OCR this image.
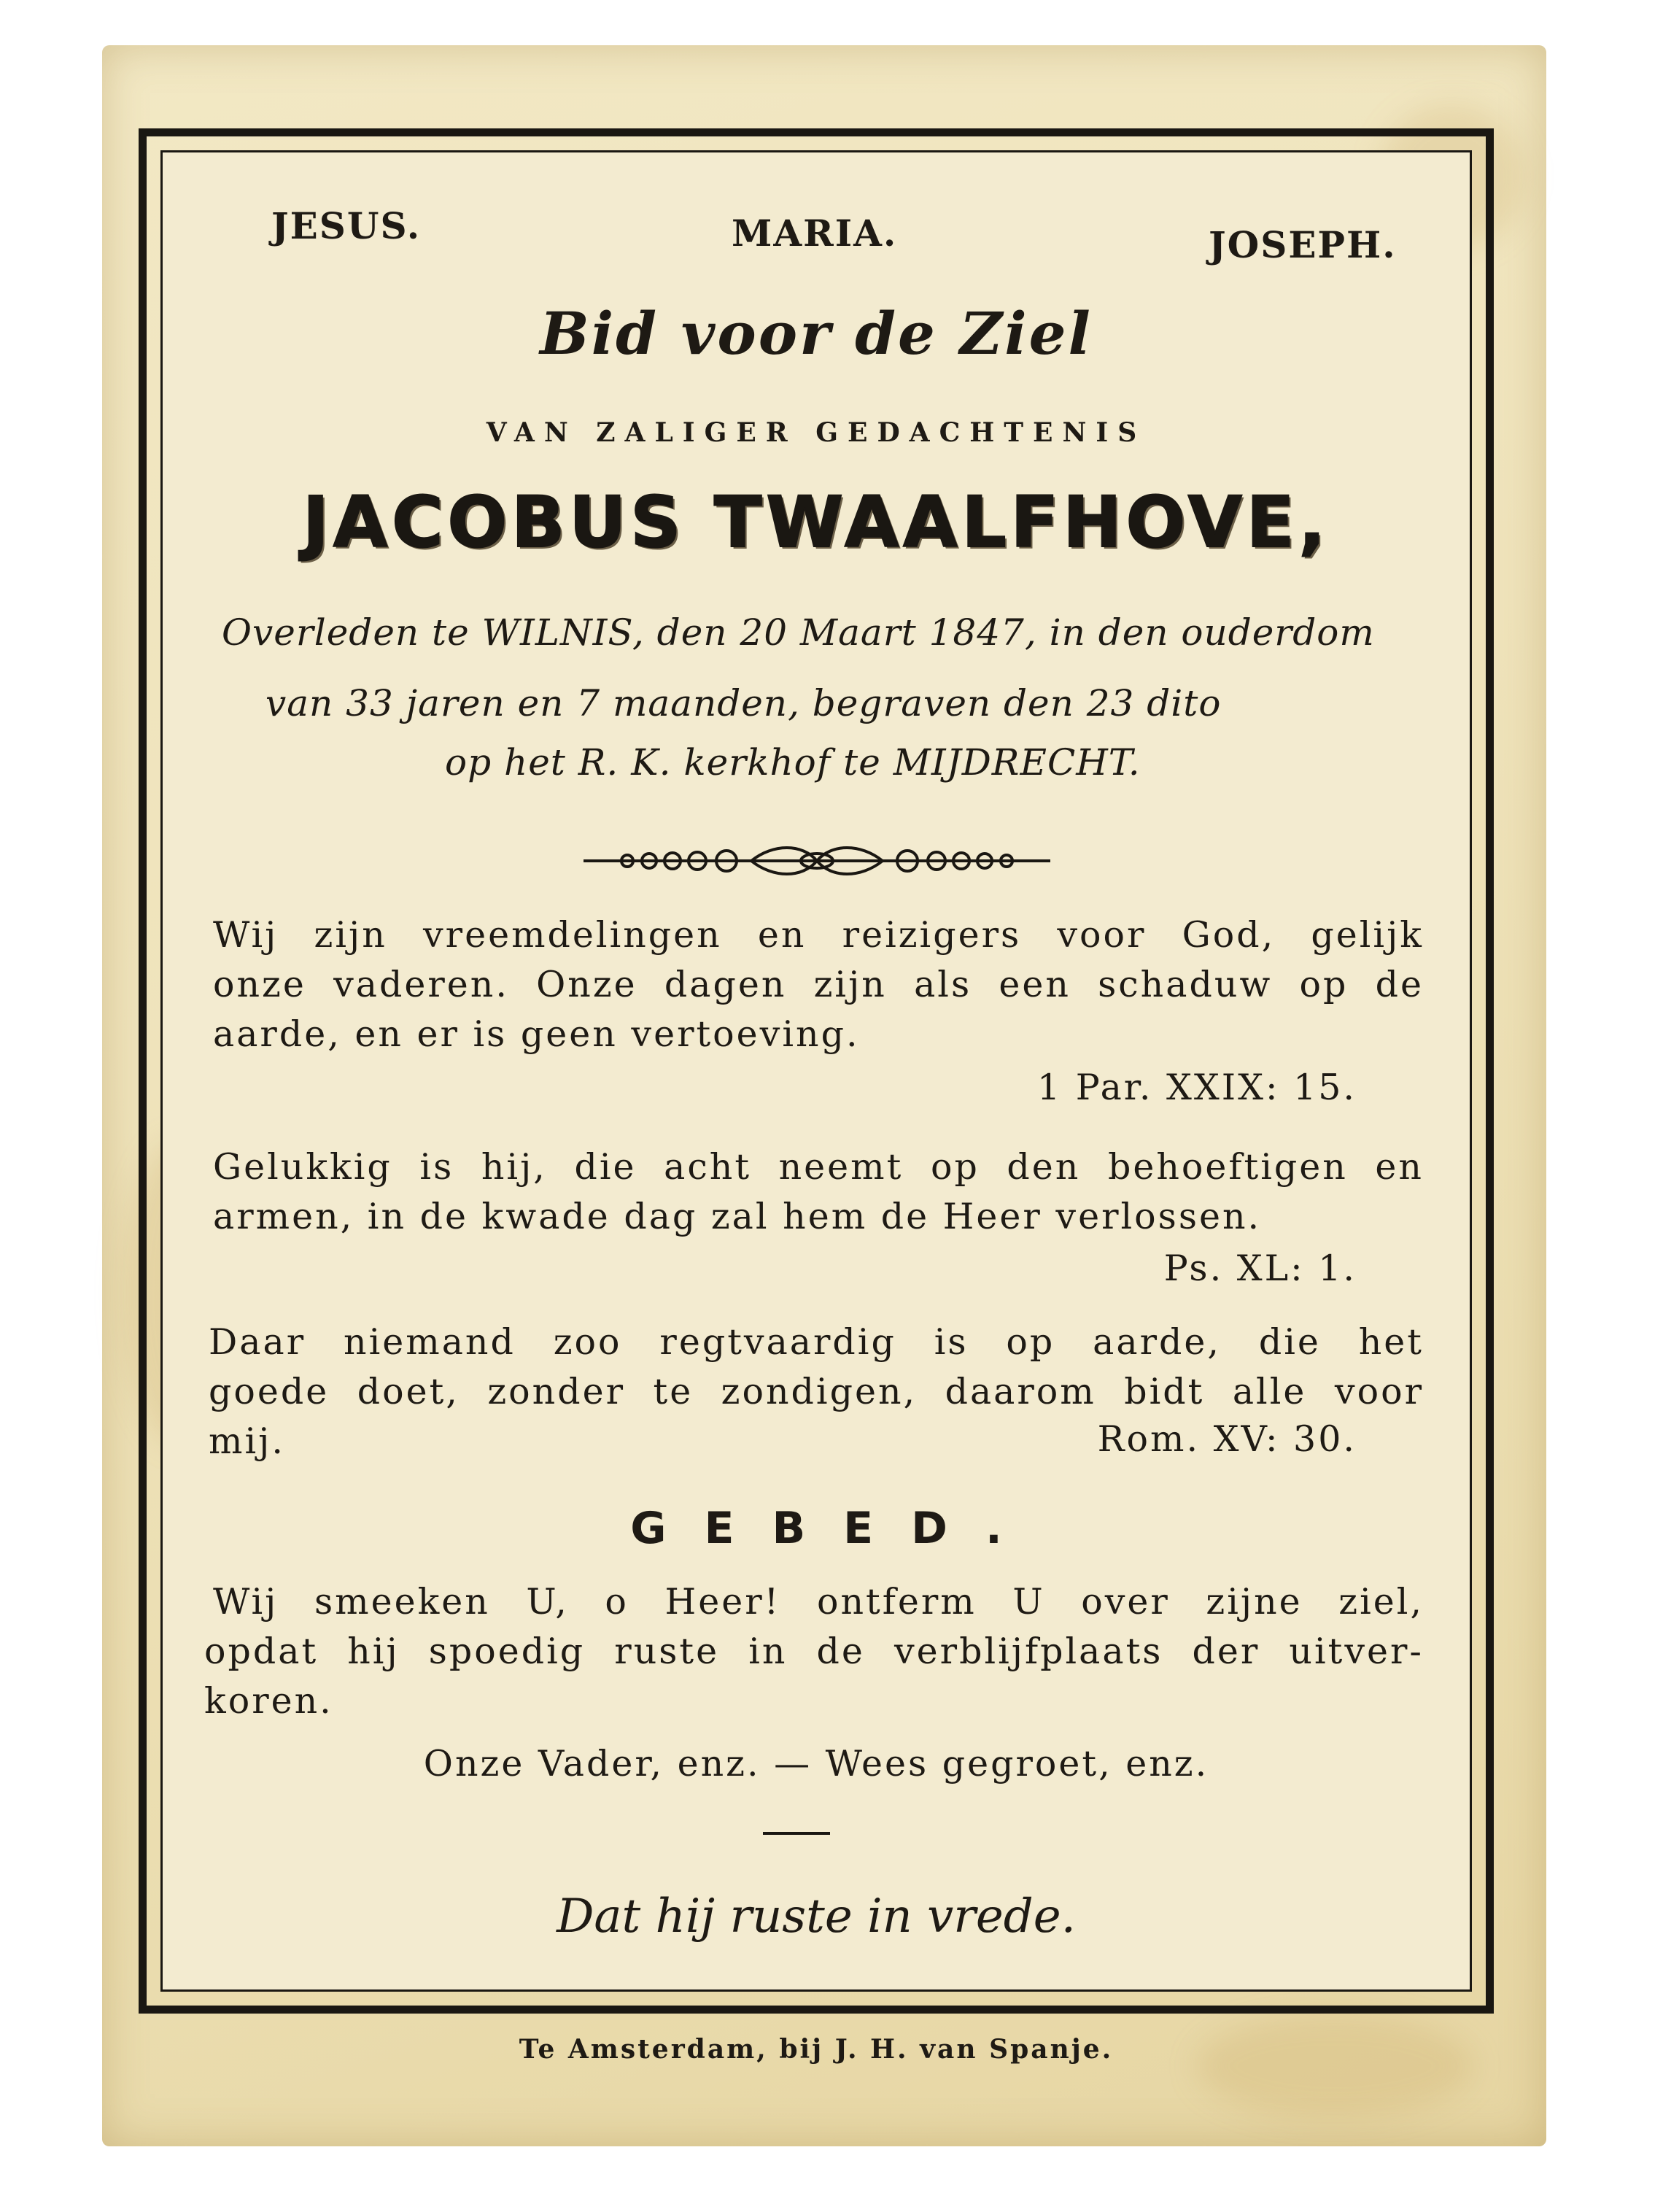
JESUS.	MARIA.	JOSEPH.
Bid voor de Ziel
VAN ZALIGER GEDACHTENIS
JACOBUS TWAALFHOVE,
Overleden te WILNIS, den 20 Maart 1847, in den ouderdom
van 33 jaren en 7 maanden, begraven den 23 dito
op het R. K. kerkhof te MIJDRECHT.
Wij zijn vreemdelingen en reizigers voor God, gelijk
onze vaderen. Onze dagen zijn als een schaduw op de
aarde, en er is geen vertoeving.
1 Par. XXIX: 15.
Gelukkig is hij, die acht neemt op den behoeftigen en
armen, in de kwade dag zal hem de Heer verlossen.
Ps. XL: 1.
Daar niemand zoo regtvaardig is op aarde, die het
goede doet, zonder te zondigen, daarom bidt alle voor
mij.	Rom. XV: 30.
GEBED.
Wij smeeken U, o Heer! ontferm U over zijne ziel,
opdat hij spoedig ruste in de verblijfplaats der uitver-
koren.
Onze Vader, enz. — Wees gegroet, enz.
Dat hij ruste in vrede.
Te Amsterdam, bij J. H. van Spanje.
